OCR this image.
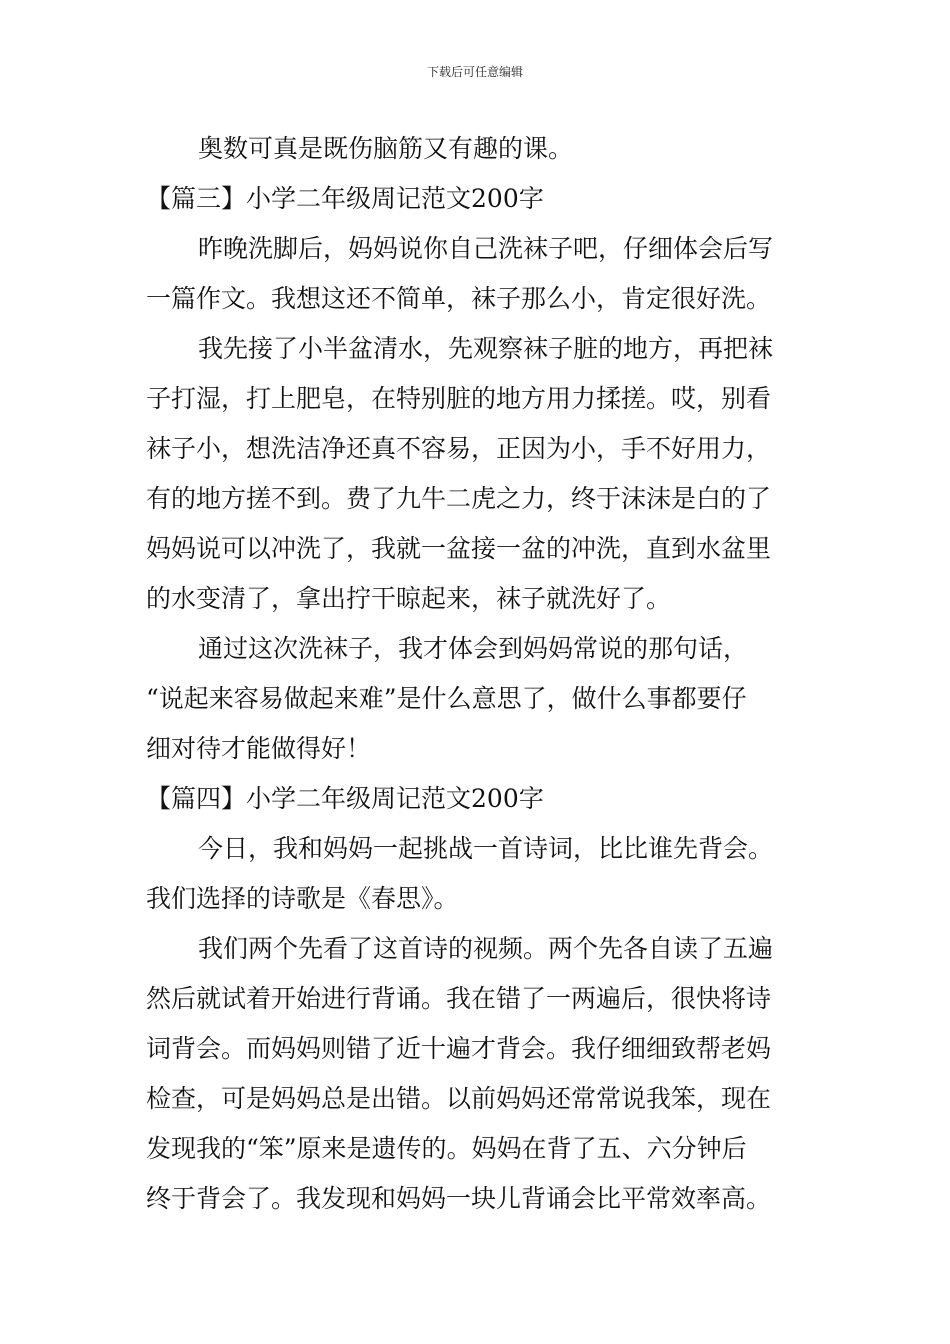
下载后可任意编辑
奥数可真是既伤脑筋又有趣的课。
【篇三】小学二年级周记范文200字
昨晚洗脚后，妈妈说你自己洗袜子吧，仔细体会后写
一篇作文。我想这还不简单，袜子那么小，肯定很好洗。
我先接了小半盆清水，先观察袜子脏的地方，再把袜
子打湿，打上肥皂，在特别脏的地方用力揉搓。哎，别看
袜子小，想洗洁净还真不容易，正因为小，手不好用力，
有的地方搓不到。费了九牛二虎之力，终于沫沫是白的了
妈妈说可以冲洗了，我就一盆接一盆的冲洗，直到水盆里
的水变清了，拿出拧干晾起来，袜子就洗好了。
通过这次洗袜子，我才体会到妈妈常说的那句话，
“说起来容易做起来难”是什么意思了，做什么事都要仔
细对待才能做得好！
【篇四】小学二年级周记范文200字
今日，我和妈妈一起挑战一首诗词，比比谁先背会。
我们选择的诗歌是《春思》。
我们两个先看了这首诗的视频。两个先各自读了五遍
然后就试着开始进行背诵。我在错了一两遍后，很快将诗
词背会。而妈妈则错了近十遍才背会。我仔细细致帮老妈
检查，可是妈妈总是出错。以前妈妈还常常说我笨，现在
发现我的“笨”原来是遗传的。妈妈在背了五、六分钟后
终于背会了。我发现和妈妈一块儿背诵会比平常效率高。
